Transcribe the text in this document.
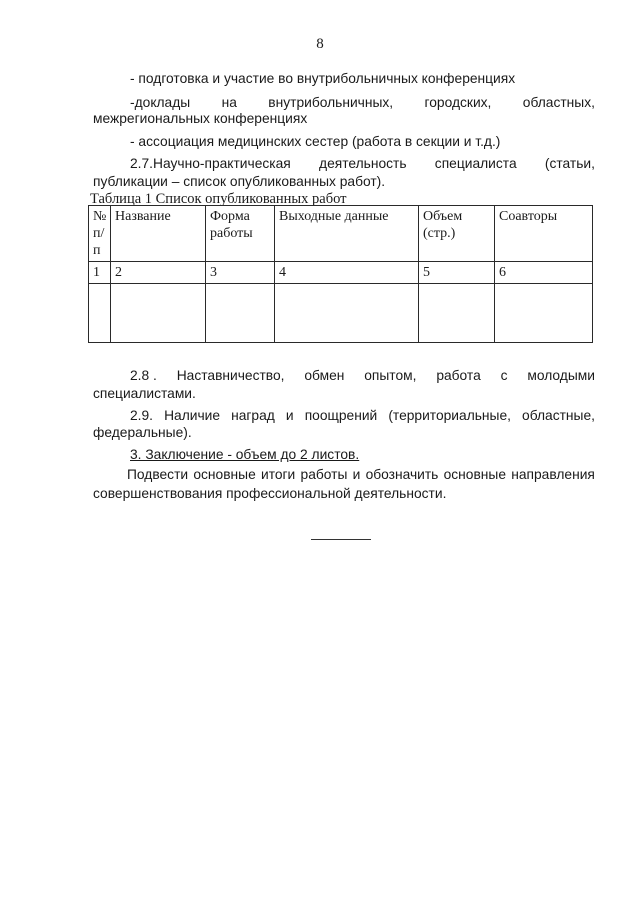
8
- подготовка и участие во внутрибольничных конференциях
-доклады на внутрибольничных, городских, областных,
межрегиональных конференциях
- ассоциация медицинских сестер (работа в секции и т.д.)
2.7.Научно-практическая деятельность специалиста (статьи,
публикации – список опубликованных работ).
Таблица 1 Список опубликованных работ
№ п/ п	Название	Форма работы	Выходные данные	Объем (стр.)	Соавторы
1	2	3	4	5	6

2.8 . Наставничество, обмен опытом, работа с молодыми
специалистами.
2.9. Наличие наград и поощрений (территориальные, областные,
федеральные).
3. Заключение - объем до 2 листов.
Подвести основные итоги работы и обозначить основные направления
совершенствования профессиональной деятельности.
